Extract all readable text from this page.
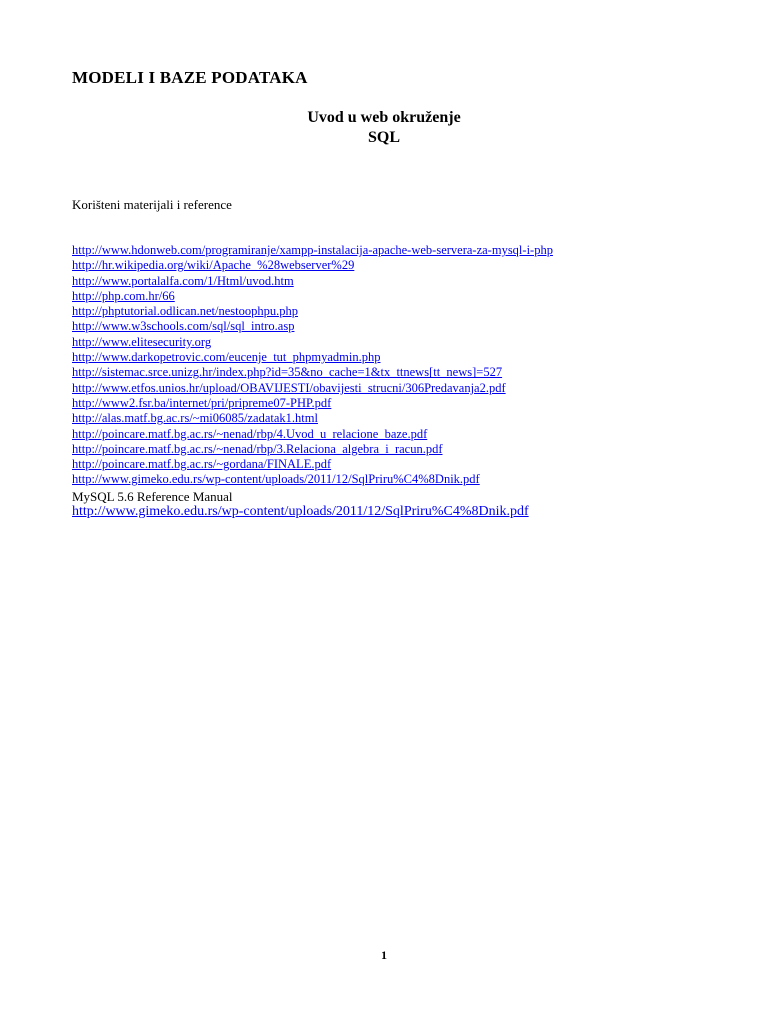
MODELI I BAZE PODATAKA

Uvod u web okruženje

SQL

Korišteni materijali i reference

http://www.hdonweb.com/programiranje/xampp-instalacija-apache-web-servera-za-mysql-i-php
http://hr.wikipedia.org/wiki/Apache_%28webserver%29
http://www.portalalfa.com/1/Html/uvod.htm
http://php.com.hr/66
http://phptutorial.odlican.net/nestoophpu.php
http://www.w3schools.com/sql/sql_intro.asp
http://www.elitesecurity.org
http://www.darkopetrovic.com/eucenje_tut_phpmyadmin.php
http://sistemac.srce.unizg.hr/index.php?id=35&no_cache=1&tx_ttnews[tt_news]=527
http://www.etfos.unios.hr/upload/OBAVIJESTI/obavijesti_strucni/306Predavanja2.pdf
http://www2.fsr.ba/internet/pri/pripreme07-PHP.pdf
http://alas.matf.bg.ac.rs/~mi06085/zadatak1.html
http://poincare.matf.bg.ac.rs/~nenad/rbp/4.Uvod_u_relacione_baze.pdf
http://poincare.matf.bg.ac.rs/~nenad/rbp/3.Relaciona_algebra_i_racun.pdf
http://poincare.matf.bg.ac.rs/~gordana/FINALE.pdf
http://www.gimeko.edu.rs/wp-content/uploads/2011/12/SqlPriru%C4%8Dnik.pdf

MySQL 5.6 Reference Manual

http://www.gimeko.edu.rs/wp-content/uploads/2011/12/SqlPriru%C4%8Dnik.pdf

1
